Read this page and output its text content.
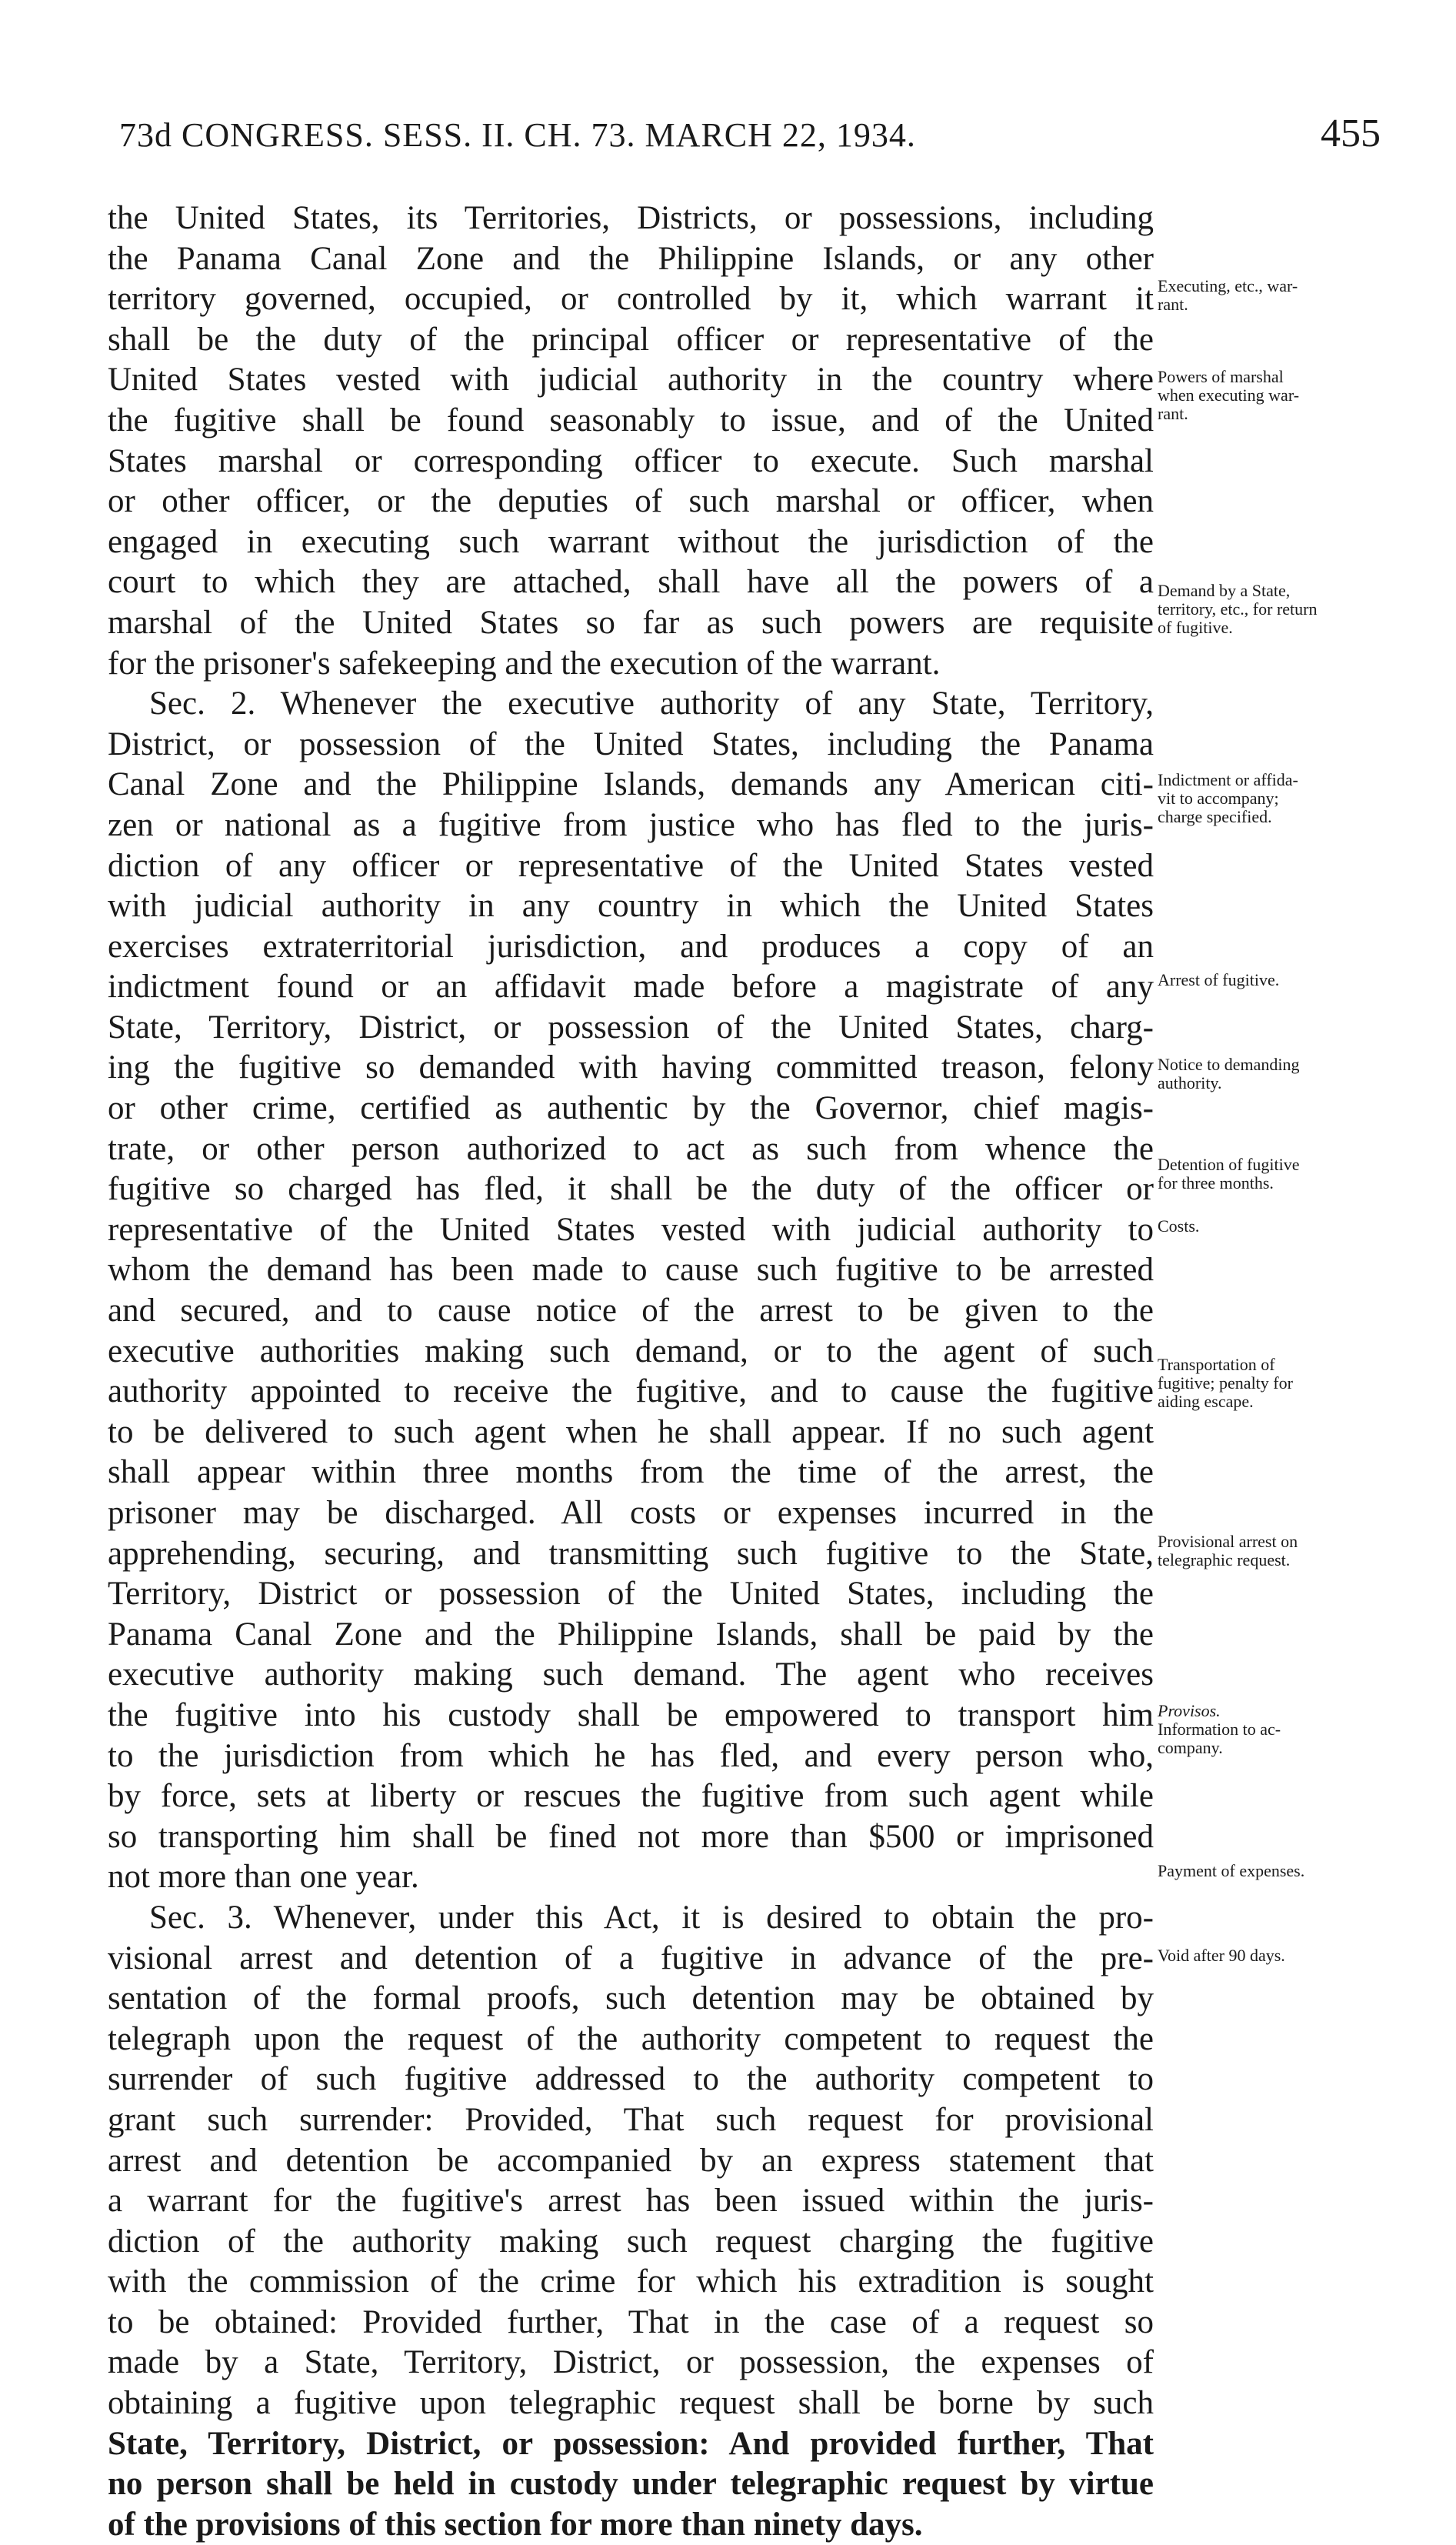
73d CONGRESS. SESS. II. CH. 73. MARCH 22, 1934.	455
the United States, its Territories, Districts, or possessions, including
the Panama Canal Zone and the Philippine Islands, or any other
territory governed, occupied, or controlled by it, which warrant it
shall be the duty of the principal officer or representative of the
United States vested with judicial authority in the country where
the fugitive shall be found seasonably to issue, and of the United
States marshal or corresponding officer to execute. Such marshal
or other officer, or the deputies of such marshal or officer, when
engaged in executing such warrant without the jurisdiction of the
court to which they are attached, shall have all the powers of a
marshal of the United States so far as such powers are requisite
for the prisoner's safekeeping and the execution of the warrant.
Sec. 2. Whenever the executive authority of any State, Territory,
District, or possession of the United States, including the Panama
Canal Zone and the Philippine Islands, demands any American citi-
zen or national as a fugitive from justice who has fled to the juris-
diction of any officer or representative of the United States vested
with judicial authority in any country in which the United States
exercises extraterritorial jurisdiction, and produces a copy of an
indictment found or an affidavit made before a magistrate of any
State, Territory, District, or possession of the United States, charg-
ing the fugitive so demanded with having committed treason, felony
or other crime, certified as authentic by the Governor, chief magis-
trate, or other person authorized to act as such from whence the
fugitive so charged has fled, it shall be the duty of the officer or
representative of the United States vested with judicial authority to
whom the demand has been made to cause such fugitive to be arrested
and secured, and to cause notice of the arrest to be given to the
executive authorities making such demand, or to the agent of such
authority appointed to receive the fugitive, and to cause the fugitive
to be delivered to such agent when he shall appear. If no such agent
shall appear within three months from the time of the arrest, the
prisoner may be discharged. All costs or expenses incurred in the
apprehending, securing, and transmitting such fugitive to the State,
Territory, District or possession of the United States, including the
Panama Canal Zone and the Philippine Islands, shall be paid by the
executive authority making such demand. The agent who receives
the fugitive into his custody shall be empowered to transport him
to the jurisdiction from which he has fled, and every person who,
by force, sets at liberty or rescues the fugitive from such agent while
so transporting him shall be fined not more than $500 or imprisoned
not more than one year.
Sec. 3. Whenever, under this Act, it is desired to obtain the pro-
visional arrest and detention of a fugitive in advance of the pre-
sentation of the formal proofs, such detention may be obtained by
telegraph upon the request of the authority competent to request the
surrender of such fugitive addressed to the authority competent to
grant such surrender: Provided, That such request for provisional
arrest and detention be accompanied by an express statement that
a warrant for the fugitive's arrest has been issued within the juris-
diction of the authority making such request charging the fugitive
with the commission of the crime for which his extradition is sought
to be obtained: Provided further, That in the case of a request so
made by a State, Territory, District, or possession, the expenses of
obtaining a fugitive upon telegraphic request shall be borne by such
State, Territory, District, or possession: And provided further, That
no person shall be held in custody under telegraphic request by virtue
of the provisions of this section for more than ninety days.
Executing, etc., war-
rant.
Powers of marshal
when executing war-
rant.
Demand by a State,
territory, etc., for return
of fugitive.
Indictment or affida-
vit to accompany;
charge specified.
Arrest of fugitive.
Notice to demanding
authority.
Detention of fugitive
for three months.
Costs.
Transportation of
fugitive; penalty for
aiding escape.
Provisional arrest on
telegraphic request.
Provisos.
Information to ac-
company.
Payment of expenses.
Void after 90 days.
